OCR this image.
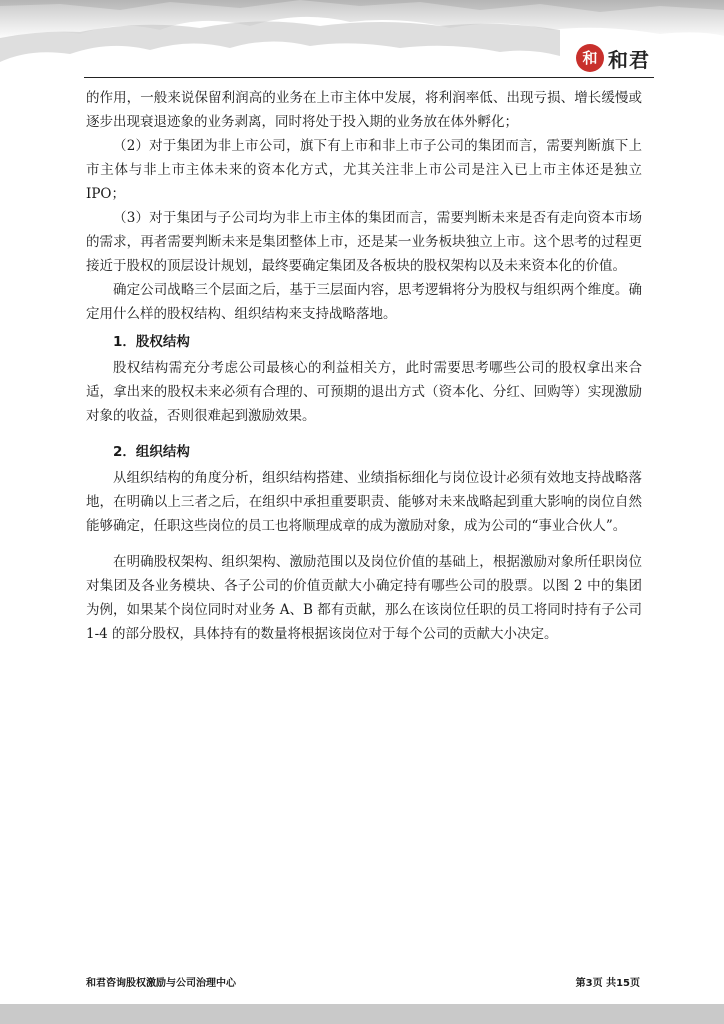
和 和君

的作用，一般来说保留利润高的业务在上市主体中发展，将利润率低、出现亏损、增长缓慢或逐步出现衰退迹象的业务剥离，同时将处于投入期的业务放在体外孵化；

（2）对于集团为非上市公司，旗下有上市和非上市子公司的集团而言，需要判断旗下上市主体与非上市主体未来的资本化方式，尤其关注非上市公司是注入已上市主体还是独立 IPO；

（3）对于集团与子公司均为非上市主体的集团而言，需要判断未来是否有走向资本市场的需求，再者需要判断未来是集团整体上市，还是某一业务板块独立上市。这个思考的过程更接近于股权的顶层设计规划，最终要确定集团及各板块的股权架构以及未来资本化的价值。

确定公司战略三个层面之后，基于三层面内容，思考逻辑将分为股权与组织两个维度。确定用什么样的股权结构、组织结构来支持战略落地。

1．股权结构

股权结构需充分考虑公司最核心的利益相关方，此时需要思考哪些公司的股权拿出来合适，拿出来的股权未来必须有合理的、可预期的退出方式（资本化、分红、回购等）实现激励对象的收益，否则很难起到激励效果。

2．组织结构

从组织结构的角度分析，组织结构搭建、业绩指标细化与岗位设计必须有效地支持战略落地，在明确以上三者之后，在组织中承担重要职责、能够对未来战略起到重大影响的岗位自然能够确定，任职这些岗位的员工也将顺理成章的成为激励对象，成为公司的“事业合伙人”。

在明确股权架构、组织架构、激励范围以及岗位价值的基础上，根据激励对象所任职岗位对集团及各业务模块、各子公司的价值贡献大小确定持有哪些公司的股票。以图 2 中的集团为例，如果某个岗位同时对业务 A、B 都有贡献，那么在该岗位任职的员工将同时持有子公司 1-4 的部分股权，具体持有的数量将根据该岗位对于每个公司的贡献大小决定。

和君咨询股权激励与公司治理中心	第3页 共15页
